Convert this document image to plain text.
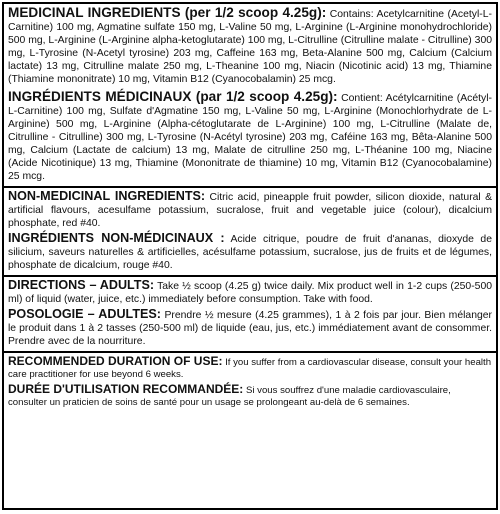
MEDICINAL INGREDIENTS (per 1/2 scoop 4.25g): Contains: Acetylcarnitine (Acetyl-L-Carnitine) 100 mg, Agmatine sulfate 150 mg, L-Valine 50 mg, L-Arginine (L-Arginine monohydrochloride) 500 mg, L-Arginine (L-Arginine alpha-ketoglutarate) 100 mg, L-Citrulline (Citrulline malate - Citrulline) 300 mg, L-Tyrosine (N-Acetyl tyrosine) 203 mg, Caffeine 163 mg, Beta-Alanine 500 mg, Calcium (Calcium lactate) 13 mg, Citrulline malate 250 mg, L-Theanine 100 mg, Niacin (Nicotinic acid) 13 mg, Thiamine (Thiamine mononitrate) 10 mg, Vitamin B12 (Cyanocobalamin) 25 mcg.

INGRÉDIENTS MÉDICINAUX (par 1/2 scoop 4.25g): Contient: Acétylcarnitine (Acétyl-L-Carnitine) 100 mg, Sulfate d'Agmatine 150 mg, L-Valine 50 mg, L-Arginine (Monochlorhydrate de L-Arginine) 500 mg, L-Arginine (Alpha-cétoglutarate de L-Arginine) 100 mg, L-Citrulline (Malate de, Citrulline - Citrulline) 300 mg, L-Tyrosine (N-Acétyl tyrosine) 203 mg, Caféine 163 mg, Bêta-Alanine 500 mg, Calcium (Lactate de calcium) 13 mg, Malate de citrulline 250 mg, L-Théanine 100 mg, Niacine (Acide Nicotinique) 13 mg, Thiamine (Mononitrate de thiamine) 10 mg, Vitamin B12 (Cyanocobalamine) 25 mcg.

NON-MEDICINAL INGREDIENTS: Citric acid, pineapple fruit powder, silicon dioxide, natural & artificial flavours, acesulfame potassium, sucralose, fruit and vegetable juice (colour), dicalcium phosphate, red #40.

INGRÉDIENTS NON-MÉDICINAUX : Acide citrique, poudre de fruit d'ananas, dioxyde de silicium, saveurs naturelles & artificielles, acésulfame potassium, sucralose, jus de fruits et de légumes, phosphate de dicalcium, rouge #40.

DIRECTIONS – ADULTS: Take ½ scoop (4.25 g) twice daily. Mix product well in 1-2 cups (250-500 ml) of liquid (water, juice, etc.) immediately before consumption. Take with food.

POSOLOGIE – ADULTES: Prendre ½ mesure (4.25 grammes), 1 à 2 fois par jour. Bien mélanger le produit dans 1 à 2 tasses (250-500 ml) de liquide (eau, jus, etc.) immédiatement avant de consommer. Prendre avec de la nourriture.

RECOMMENDED DURATION OF USE: If you suffer from a cardiovascular disease, consult your health care practitioner for use beyond 6 weeks.

DURÉE D'UTILISATION RECOMMANDÉE: Si vous souffrez d'une maladie cardiovasculaire, consulter un praticien de soins de santé pour un usage se prolongeant au-delà de 6 semaines.
